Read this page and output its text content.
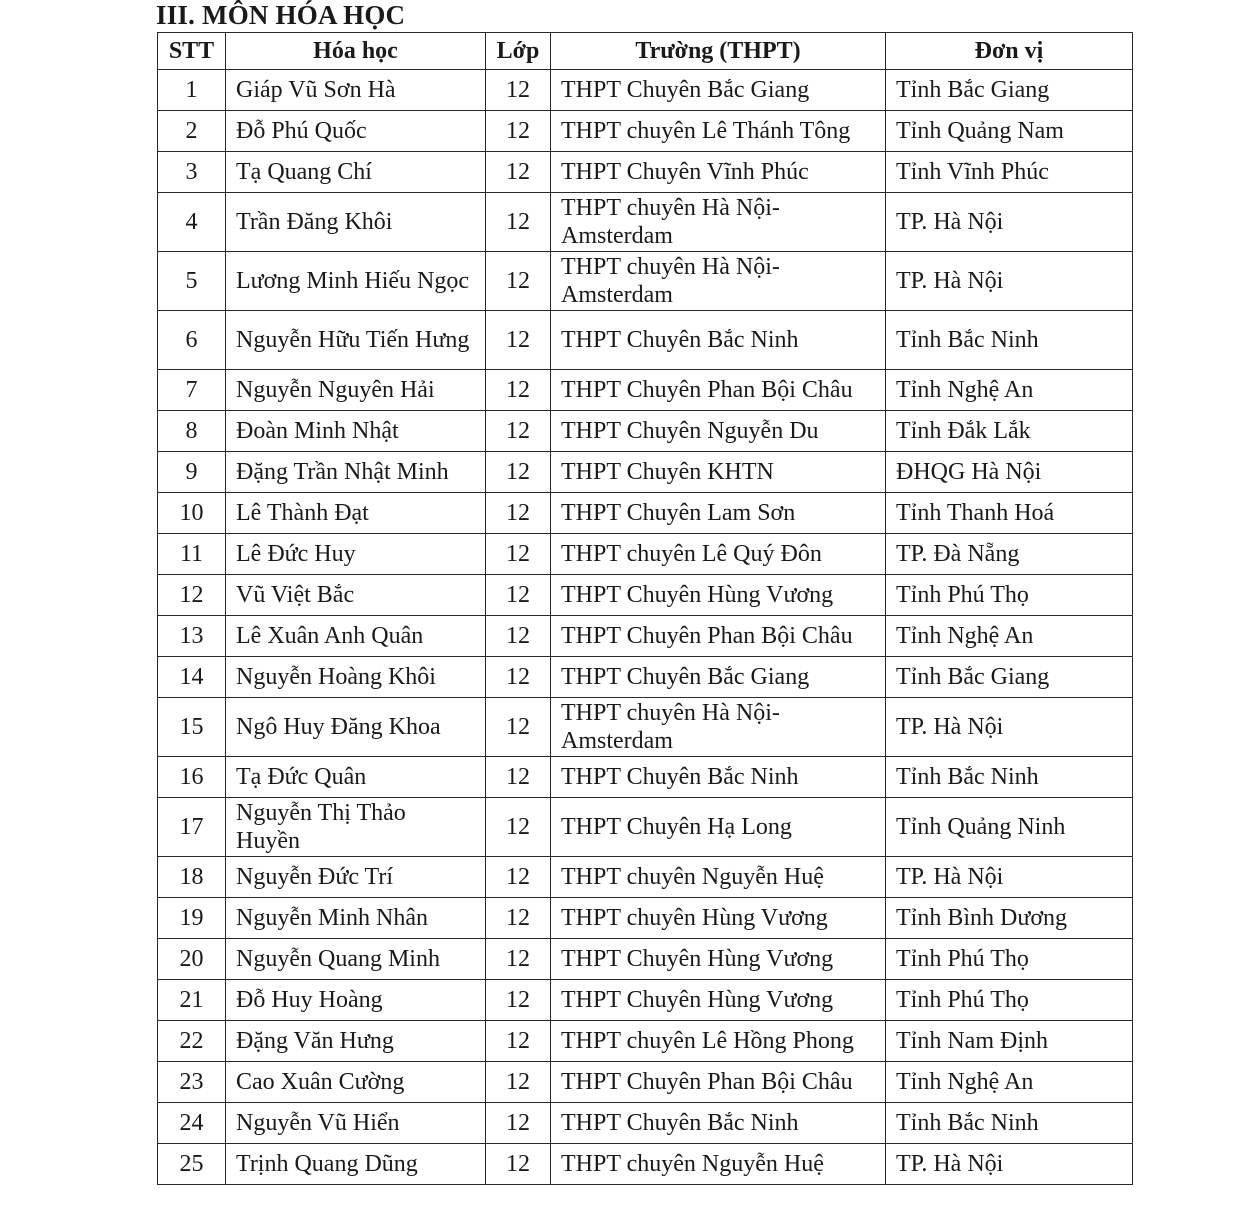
III. MÔN HÓA HỌC
STT	Hóa học	Lớp	Trường (THPT)	Đơn vị
1	Giáp Vũ Sơn Hà	12	THPT Chuyên Bắc Giang	Tỉnh Bắc Giang
2	Đỗ Phú Quốc	12	THPT chuyên Lê Thánh Tông	Tỉnh Quảng Nam
3	Tạ Quang Chí	12	THPT Chuyên Vĩnh Phúc	Tỉnh Vĩnh Phúc
4	Trần Đăng Khôi	12	THPT chuyên Hà Nội-Amsterdam	TP. Hà Nội
5	Lương Minh Hiếu Ngọc	12	THPT chuyên Hà Nội-Amsterdam	TP. Hà Nội
6	Nguyễn Hữu Tiến Hưng	12	THPT Chuyên Bắc Ninh	Tỉnh Bắc Ninh
7	Nguyễn Nguyên Hải	12	THPT Chuyên Phan Bội Châu	Tỉnh Nghệ An
8	Đoàn Minh Nhật	12	THPT Chuyên Nguyễn Du	Tỉnh Đắk Lắk
9	Đặng Trần Nhật Minh	12	THPT Chuyên KHTN	ĐHQG Hà Nội
10	Lê Thành Đạt	12	THPT Chuyên Lam Sơn	Tỉnh Thanh Hoá
11	Lê Đức Huy	12	THPT chuyên Lê Quý Đôn	TP. Đà Nẵng
12	Vũ Việt Bắc	12	THPT Chuyên Hùng Vương	Tỉnh Phú Thọ
13	Lê Xuân Anh Quân	12	THPT Chuyên Phan Bội Châu	Tỉnh Nghệ An
14	Nguyễn Hoàng Khôi	12	THPT Chuyên Bắc Giang	Tỉnh Bắc Giang
15	Ngô Huy Đăng Khoa	12	THPT chuyên Hà Nội-Amsterdam	TP. Hà Nội
16	Tạ Đức Quân	12	THPT Chuyên Bắc Ninh	Tỉnh Bắc Ninh
17	Nguyễn Thị Thảo Huyền	12	THPT Chuyên Hạ Long	Tỉnh Quảng Ninh
18	Nguyễn Đức Trí	12	THPT chuyên Nguyễn Huệ	TP. Hà Nội
19	Nguyễn Minh Nhân	12	THPT chuyên Hùng Vương	Tỉnh Bình Dương
20	Nguyễn Quang Minh	12	THPT Chuyên Hùng Vương	Tỉnh Phú Thọ
21	Đỗ Huy Hoàng	12	THPT Chuyên Hùng Vương	Tỉnh Phú Thọ
22	Đặng Văn Hưng	12	THPT chuyên Lê Hồng Phong	Tỉnh Nam Định
23	Cao Xuân Cường	12	THPT Chuyên Phan Bội Châu	Tỉnh Nghệ An
24	Nguyễn Vũ Hiển	12	THPT Chuyên Bắc Ninh	Tỉnh Bắc Ninh
25	Trịnh Quang Dũng	12	THPT chuyên Nguyễn Huệ	TP. Hà Nội
